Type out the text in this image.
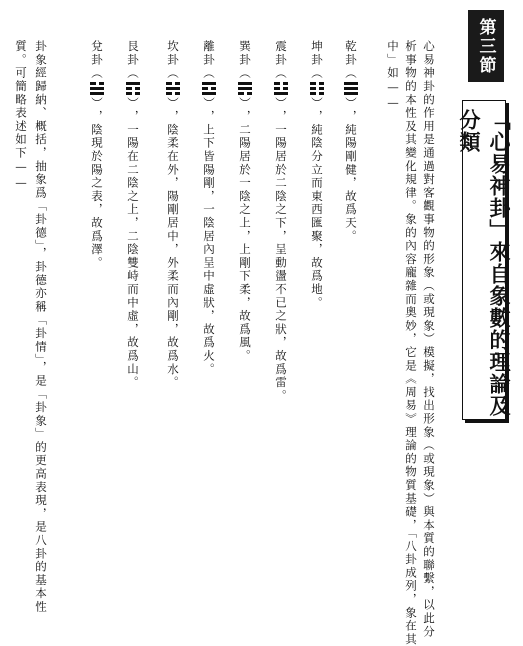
第三節
「心易神卦」來自象數的理論及分類
心易神卦的作用是通過對客觀事物的形象（或現象）模擬，找出形象（或現象）與本質的聯繫，以此分
析事物的本性及其變化規律。象的內容龐雜而奧妙，它是《周易》理論的物質基礎，「八卦成列，象在其
中」如——
乾卦
（
）
，純陽剛健，故爲天。
坤卦
（
）
，純陰分立而東西匯聚，故爲地。
震卦
（
）
，一陽居於二陰之下，呈動盪不已之狀，故爲雷。
巽卦
（
）
，二陽居於一陰之上，上剛下柔，故爲風。
離卦
（
）
，上下皆陽剛，一陰居內呈中虛狀，故爲火。
坎卦
（
）
，陰柔在外，陽剛居中，外柔而內剛，故爲水。
艮卦
（
）
，一陽在二陰之上，二陰雙峙而中虛，故爲山。
兌卦
（
）
，陰現於陽之表，故爲澤。
卦象經歸納、概括，抽象爲「卦德」，卦德亦稱「卦情」，是「卦象」的更高表現，是八卦的基本性
質。可簡略表述如下——
